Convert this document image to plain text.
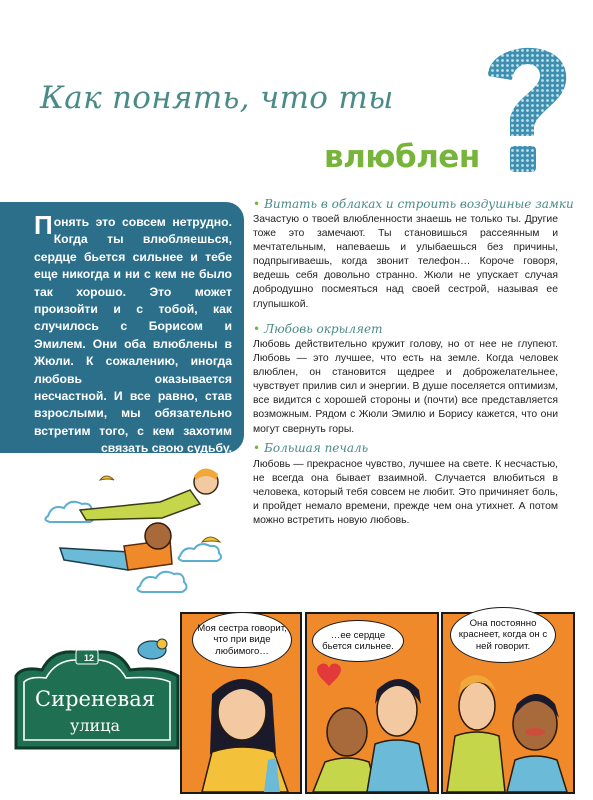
Как понять, что ты
влюблен
Понять это совсем нетрудно. Когда ты влюбляешься, сердце бьется сильнее и тебе еще никогда и ни с кем не было так хорошо. Это может произойти и с тобой, как случилось с Борисом и Эмилем. Они оба влюблены в Жюли. К сожалению, иногда любовь оказывается несчастной. И все равно, став взрослыми, мы обязательно встретим того, с кем захотим связать свою судьбу.
• Витать в облаках и строить воздушные замки
Зачастую о твоей влюбленности знаешь не только ты. Другие тоже это замечают. Ты становишься рассеянным и мечтательным, напеваешь и улыбаешься без причины, подпрыгиваешь, когда звонит телефон… Короче говоря, ведешь себя довольно странно. Жюли не упускает случая добродушно посмеяться над своей сестрой, называя ее глупышкой.
• Любовь окрыляет
Любовь действительно кружит голову, но от нее не глупеют. Любовь — это лучшее, что есть на земле. Когда человек влюблен, он становится щедрее и доброжелательнее, чувствует прилив сил и энергии. В душе поселяется оптимизм, все видится с хорошей стороны и (почти) все представляется возможным. Рядом с Жюли Эмилю и Борису кажется, что они могут свернуть горы.
• Большая печаль
Любовь — прекрасное чувство, лучшее на свете. К несчастью, не всегда она бывает взаимной. Случается влюбиться в человека, который тебя совсем не любит. Это причиняет боль, и пройдет немало времени, прежде чем она утихнет. А потом можно встретить новую любовь.
12
Сиреневая
улица
Моя сестра говорит, что при виде любимого…
…ее сердце бьется сильнее.
Она постоянно краснеет, когда он с ней говорит.
